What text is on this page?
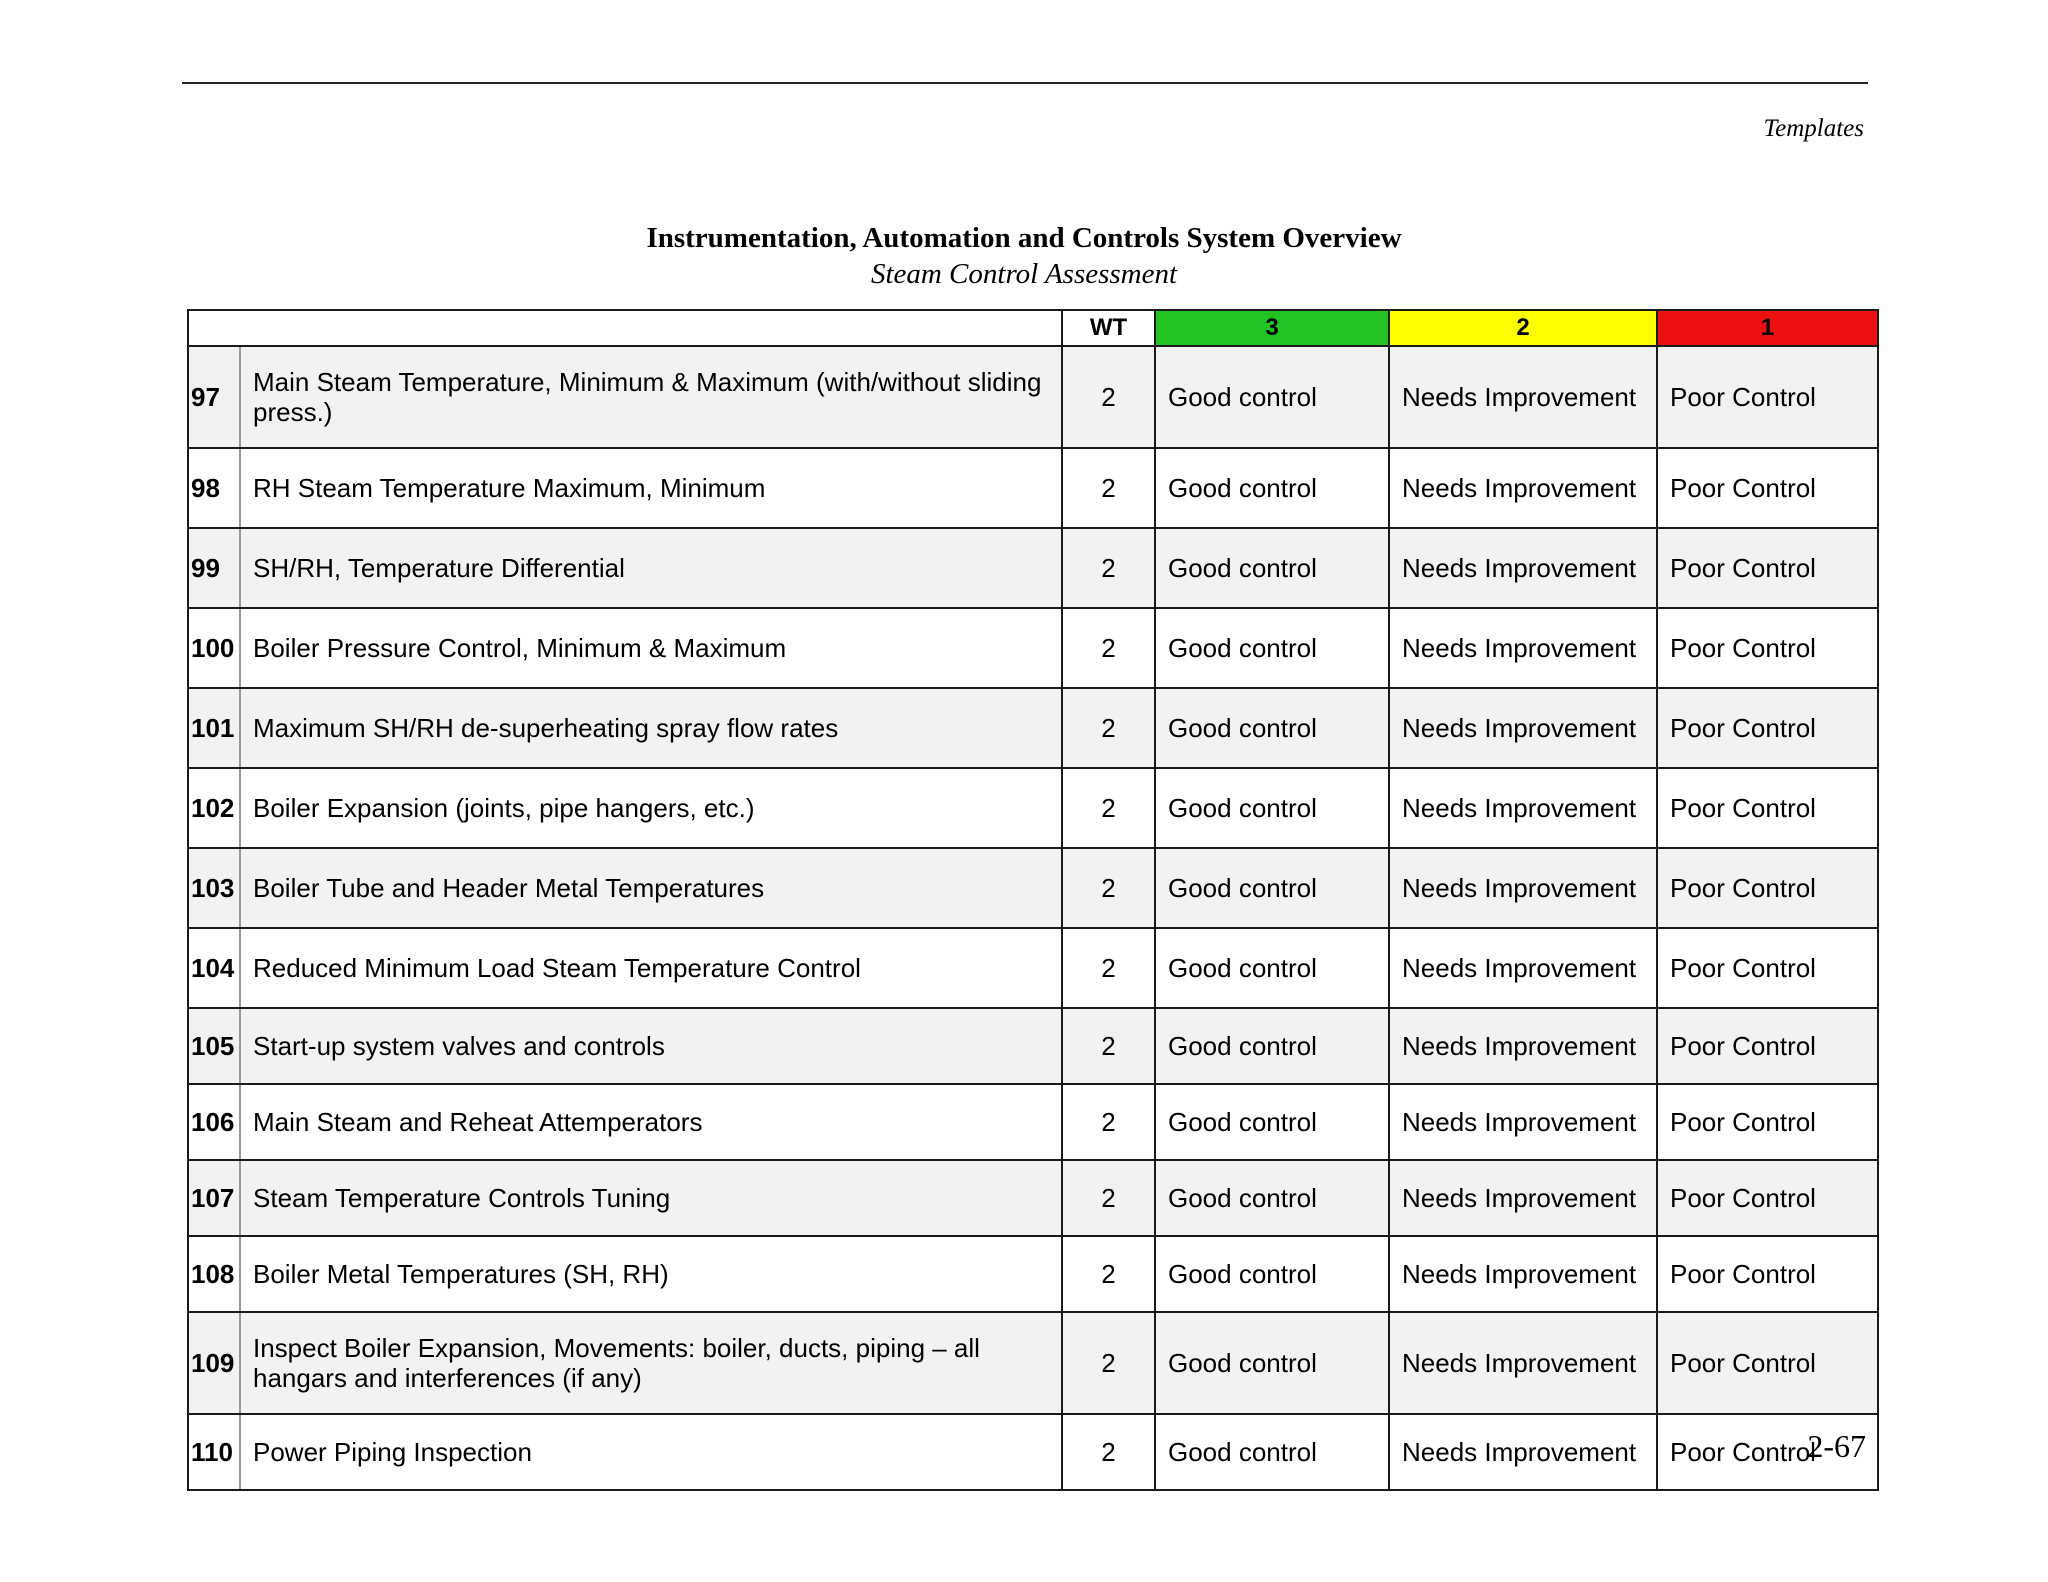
Templates
Instrumentation, Automation and Controls System Overview
Steam Control Assessment
		WT	3	2	1
97	Main Steam Temperature, Minimum & Maximum (with/without sliding press.)	2	Good control	Needs Improvement	Poor Control
98	RH Steam Temperature Maximum, Minimum	2	Good control	Needs Improvement	Poor Control
99	SH/RH, Temperature Differential	2	Good control	Needs Improvement	Poor Control
100	Boiler Pressure Control, Minimum & Maximum	2	Good control	Needs Improvement	Poor Control
101	Maximum SH/RH de-superheating spray flow rates	2	Good control	Needs Improvement	Poor Control
102	Boiler Expansion (joints, pipe hangers, etc.)	2	Good control	Needs Improvement	Poor Control
103	Boiler Tube and Header Metal Temperatures	2	Good control	Needs Improvement	Poor Control
104	Reduced Minimum Load Steam Temperature Control	2	Good control	Needs Improvement	Poor Control
105	Start-up system valves and controls	2	Good control	Needs Improvement	Poor Control
106	Main Steam and Reheat Attemperators	2	Good control	Needs Improvement	Poor Control
107	Steam Temperature Controls Tuning	2	Good control	Needs Improvement	Poor Control
108	Boiler Metal Temperatures (SH, RH)	2	Good control	Needs Improvement	Poor Control
109	Inspect Boiler Expansion, Movements: boiler, ducts, piping – all hangars and interferences (if any)	2	Good control	Needs Improvement	Poor Control
110	Power Piping Inspection	2	Good control	Needs Improvement	Poor Control
2-67
